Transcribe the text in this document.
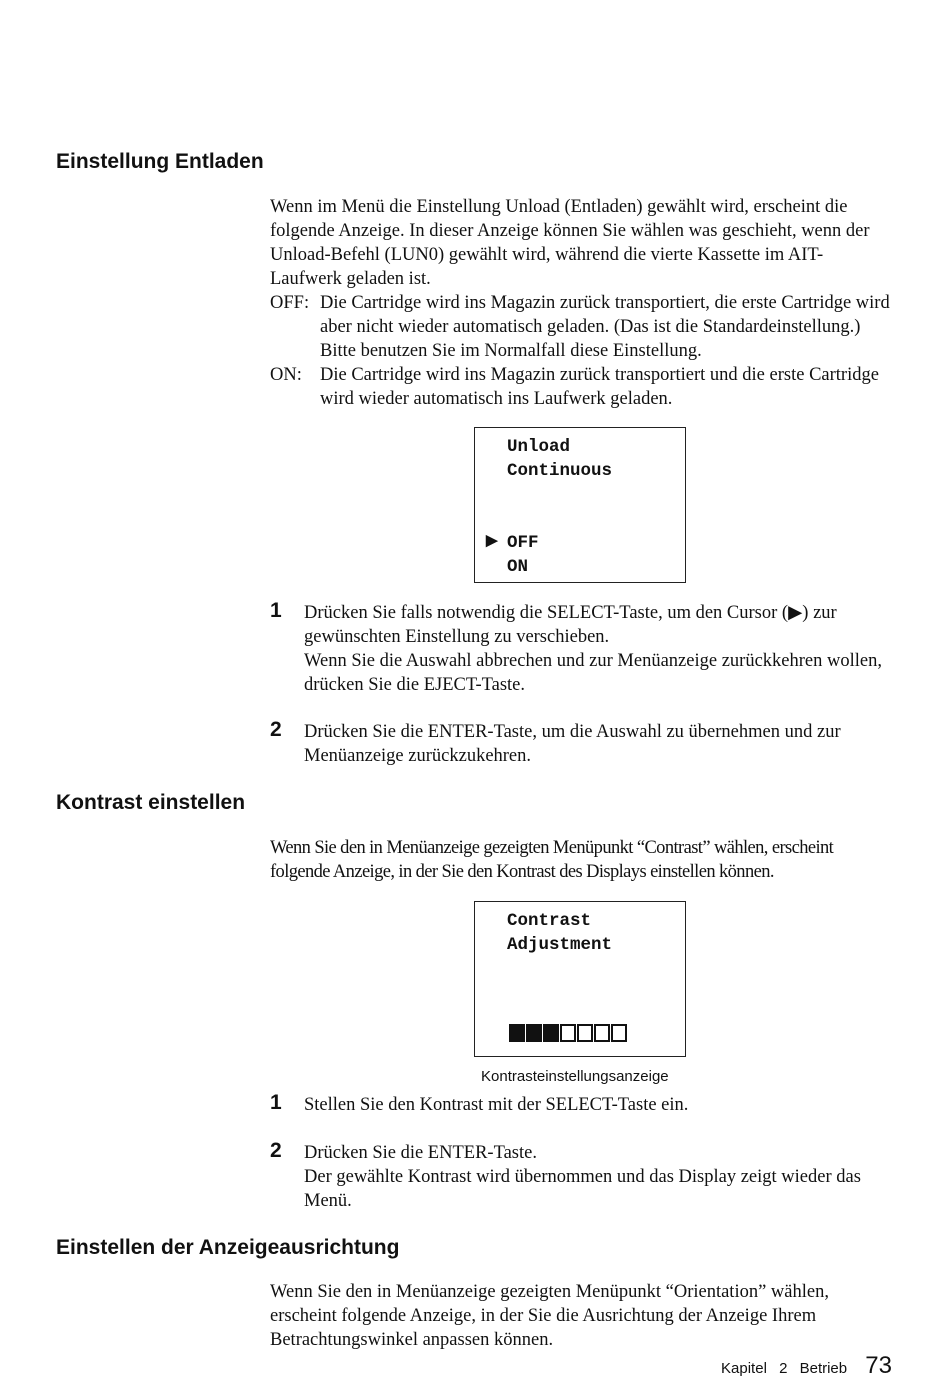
Einstellung Entladen

Wenn im Menü die Einstellung Unload (Entladen) gewählt wird, erscheint die folgende Anzeige. In dieser Anzeige können Sie wählen was geschieht, wenn der Unload-Befehl (LUN0) gewählt wird, während die vierte Kassette im AIT-Laufwerk geladen ist.

OFF: Die Cartridge wird ins Magazin zurück transportiert, die erste Cartridge wird aber nicht wieder automatisch geladen. (Das ist die Standardeinstellung.) Bitte benutzen Sie im Normalfall diese Einstellung.
ON: Die Cartridge wird ins Magazin zurück transportiert und die erste Cartridge wird wieder automatisch ins Laufwerk geladen.
Unload
Continuous
▶ OFF
ON
1 Drücken Sie falls notwendig die SELECT-Taste, um den Cursor (▶) zur gewünschten Einstellung zu verschieben.

Wenn Sie die Auswahl abbrechen und zur Menüanzeige zurückkehren wollen, drücken Sie die EJECT-Taste.

2 Drücken Sie die ENTER-Taste, um die Auswahl zu übernehmen und zur Menüanzeige zurückzukehren.

Kontrast einstellen

Wenn Sie den in Menüanzeige gezeigten Menüpunkt “Contrast” wählen, erscheint folgende Anzeige, in der Sie den Kontrast des Displays einstellen können.

Contrast
Adjustment
Kontrasteinstellungsanzeige
1 Stellen Sie den Kontrast mit der SELECT-Taste ein.

2 Drücken Sie die ENTER-Taste.

Der gewählte Kontrast wird übernommen und das Display zeigt wieder das Menü.

Einstellen der Anzeigeausrichtung

Wenn Sie den in Menüanzeige gezeigten Menüpunkt “Orientation” wählen, erscheint folgende Anzeige, in der Sie die Ausrichtung der Anzeige Ihrem Betrachtungswinkel anpassen können.

Kapitel 2 Betrieb 73
